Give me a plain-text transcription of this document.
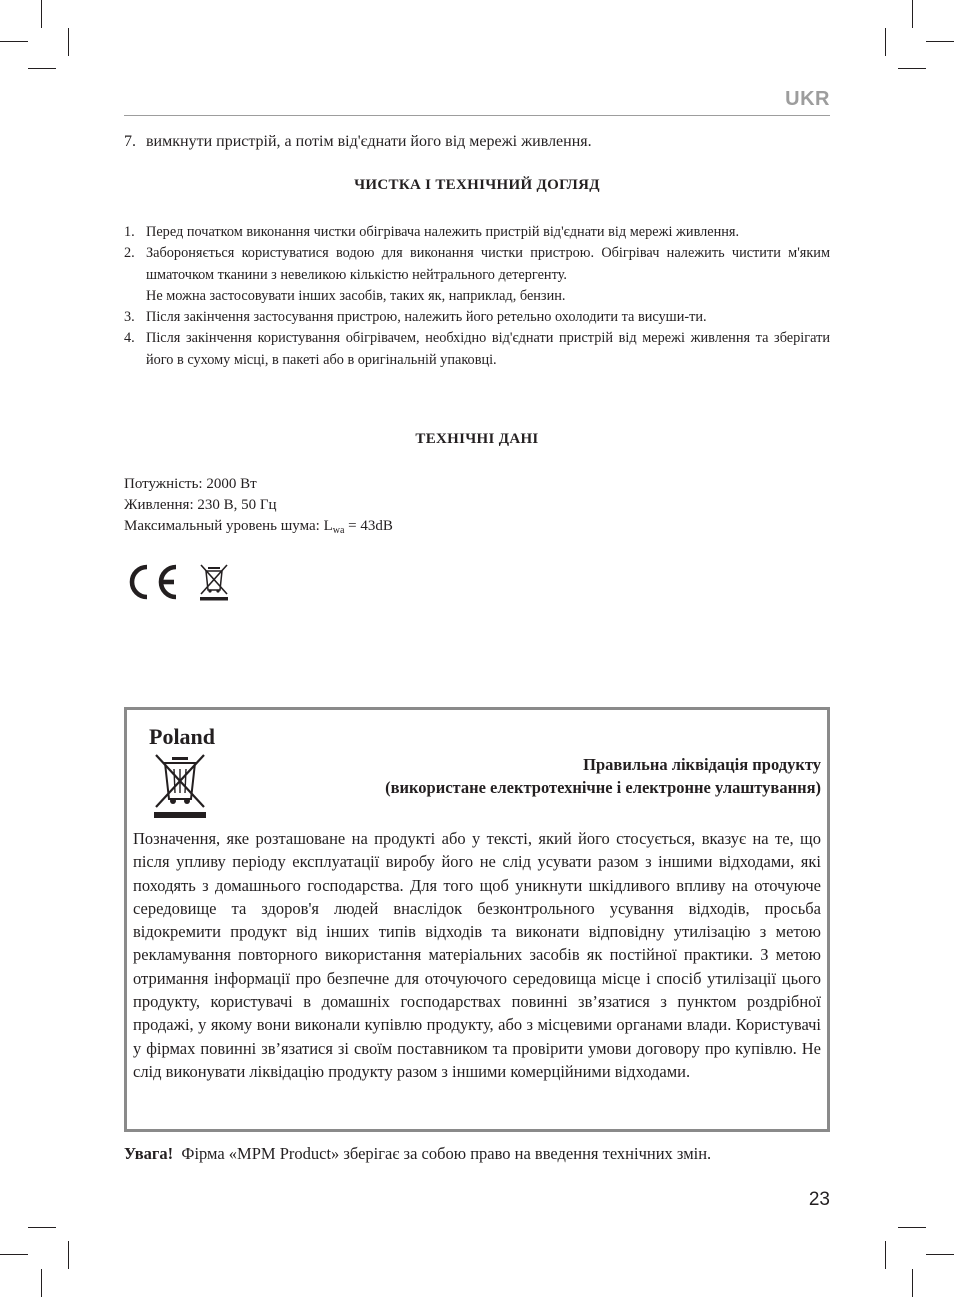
UKR
7. вимкнути пристрій, а потім від'єднати його від мережі живлення.
ЧИСТКА І ТЕХНІЧНИЙ ДОГЛЯД
1. Перед початком виконання чистки обігрівача належить пристрій від'єднати від мережі живлення.
2. Забороняється користуватися водою для виконання чистки пристрою. Обігрівач належить чистити м'яким шматочком тканини з невеликою кількістю нейтрального детергенту.
Не можна застосовувати інших засобів, таких як, наприклад, бензин.
3. Після закінчення застосування пристрою, належить його ретельно охолодити та висуши-ти.
4. Після закінчення користування обігрівачем, необхідно від'єднати пристрій від мережі живлення та зберігати його в сухому місці, в пакеті або в оригінальній упаковці.
ТЕХНІЧНІ ДАНІ
Потужність: 2000 Вт
Живлення: 230 В, 50 Гц
Максимальный уровень шума: $L_{wa} = 43dB$
Poland
Правильна ліквідація продукту
(використане електротехнічне і електронне улаштування)
Позначення, яке розташоване на продукті або у тексті, який його стосується, вказує на те, що після упливу періоду експлуатації виробу його не слід усувати разом з іншими відходами, які походять з домашнього господарства. Для того щоб уникнути шкідливого впливу на оточуюче середовище та здоров'я людей внаслідок безконтрольного усування відходів, просьба відокремити продукт від інших типів відходів та виконати відповідну утилізацію з метою рекламування повторного використання матеріальних засобів як постійної практики. З метою отримання інформації про безпечне для оточуючого середовища місце і спосіб утилізації цього продукту, користувачі в домашніх господарствах повинні зв’язатися з пунктом роздрібної продажі, у якому вони виконали купівлю продукту, або з місцевими органами влади. Користувачі у фірмах повинні зв’язатися зі своїм поставником та провірити умови договору про купівлю. Не слід виконувати ліквідацію продукту разом з іншими комерційними відходами.
Увага! Фірма «MPM Product» зберігає за собою право на введення технічних змін.
23
